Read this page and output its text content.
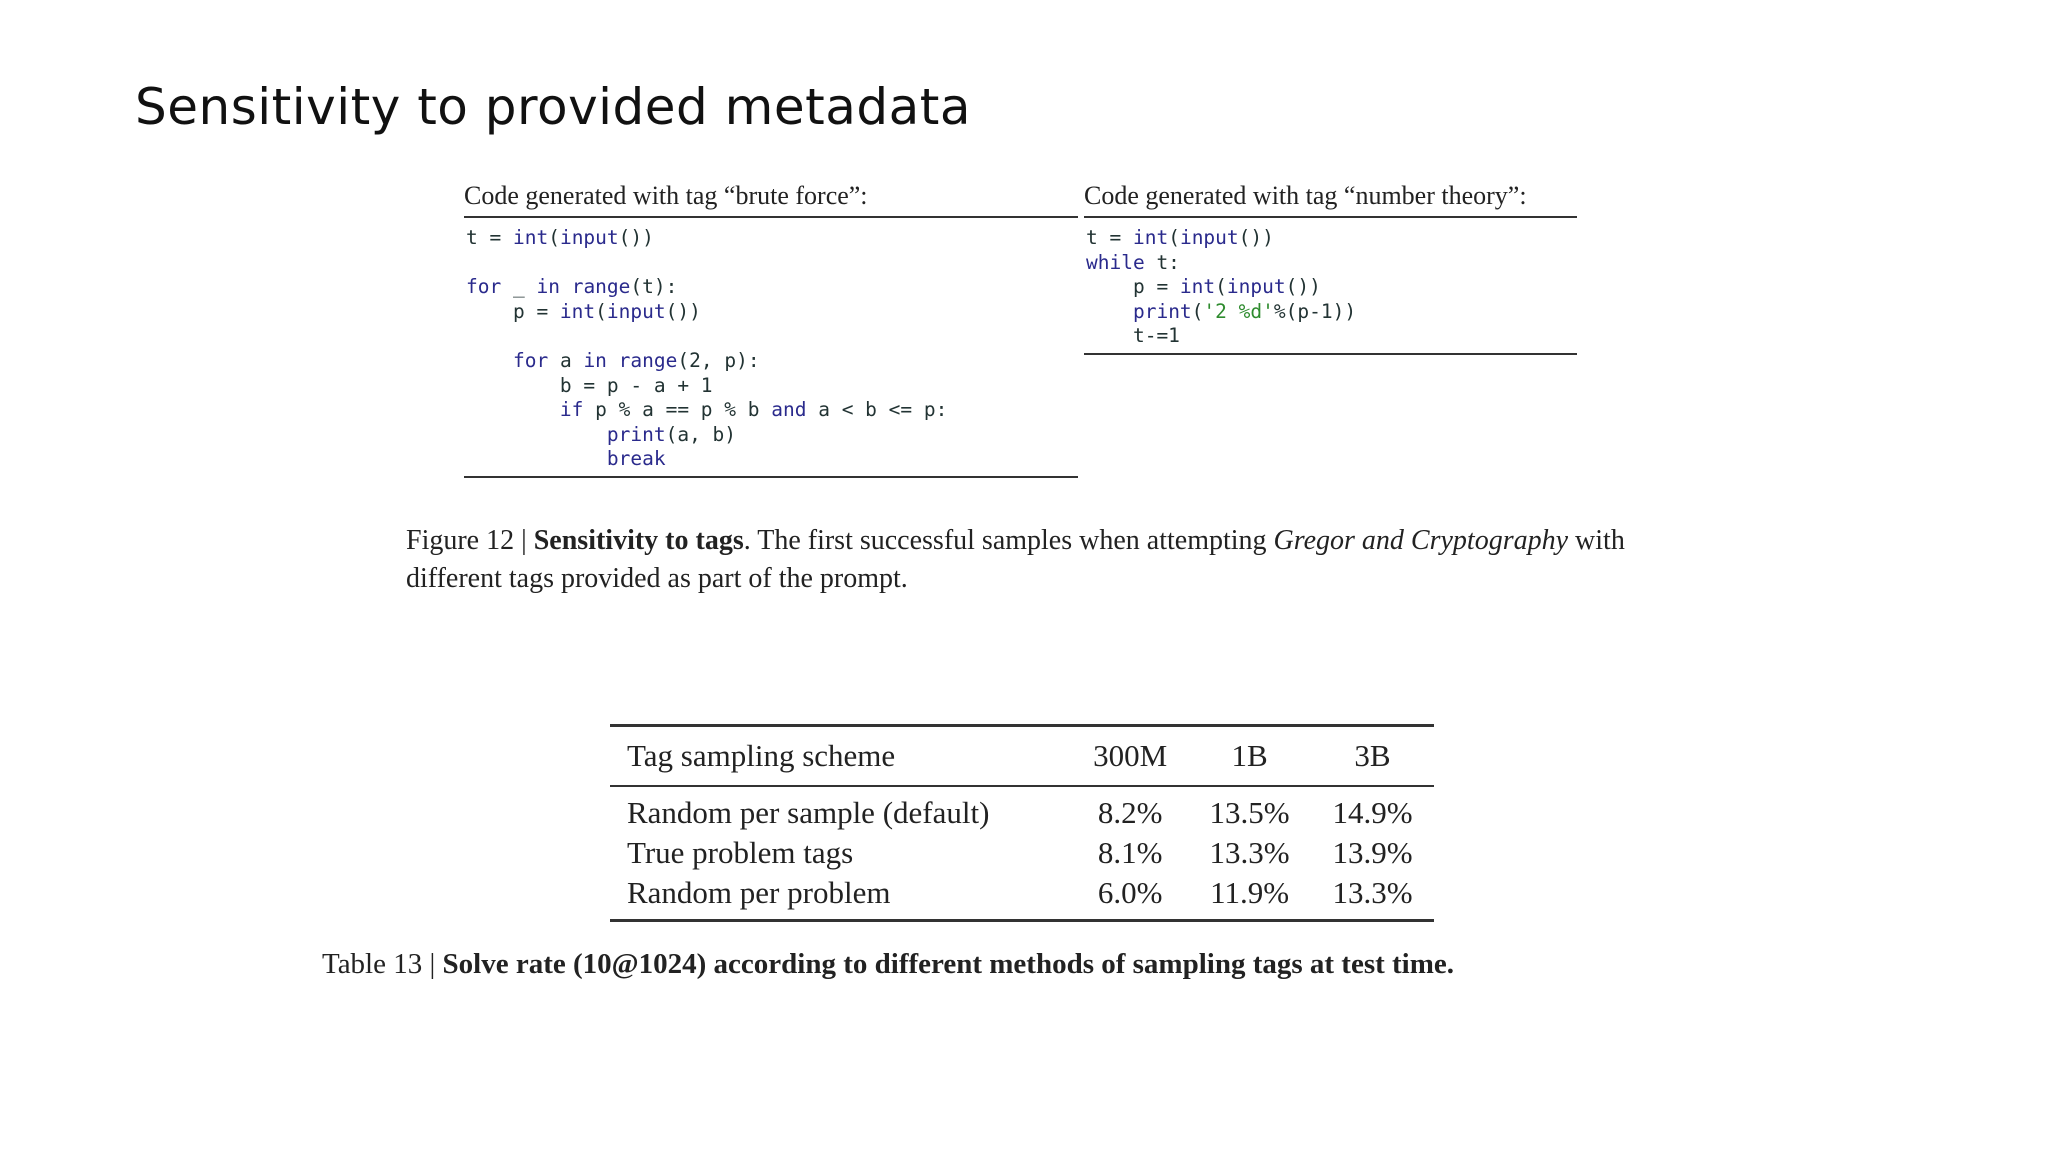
Sensitivity to provided metadata
Code generated with tag “brute force”:
t = int(input())

for _ in range(t):
p = int(input())

for a in range(2, p):
b = p - a + 1
if p % a == p % b and a < b <= p:
print(a, b)
break
Code generated with tag “number theory”:
t = int(input())
while t:
p = int(input())
print('2 %d'%(p-1))
t-=1
Figure 12 | Sensitivity to tags. The first successful samples when attempting Gregor and Cryptography with different tags provided as part of the prompt.
Tag sampling scheme	300M	1B	3B
Random per sample (default)	8.2%	13.5%	14.9%
True problem tags	8.1%	13.3%	13.9%
Random per problem	6.0%	11.9%	13.3%
Table 13 | Solve rate (10@1024) according to different methods of sampling tags at test time.
